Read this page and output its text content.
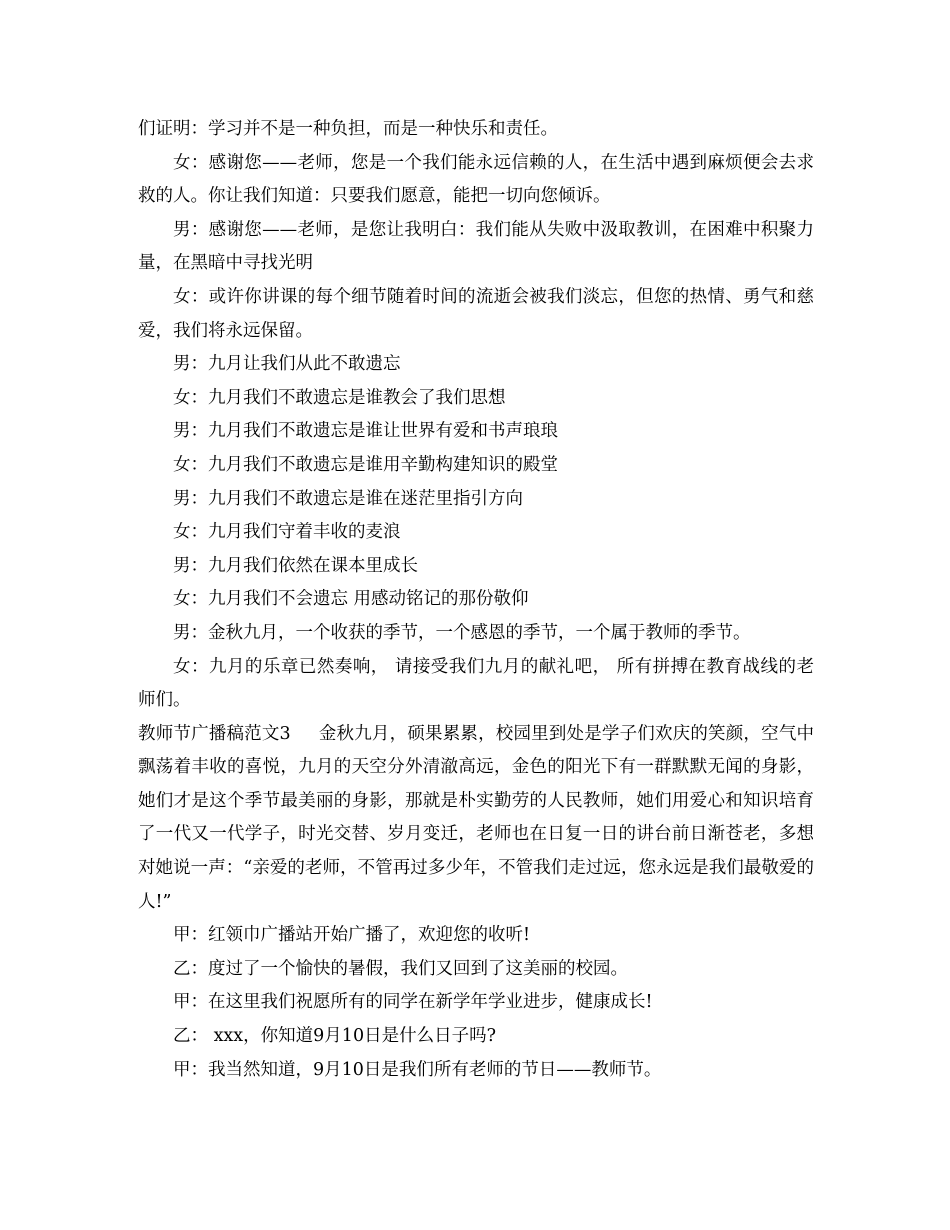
们证明：学习并不是一种负担，而是一种快乐和责任。

女：感谢您——老师，您是一个我们能永远信赖的人，在生活中遇到麻烦便会去求救的人。你让我们知道：只要我们愿意，能把一切向您倾诉。

男：感谢您——老师，是您让我明白：我们能从失败中汲取教训，在困难中积聚力量，在黑暗中寻找光明

女：或许你讲课的每个细节随着时间的流逝会被我们淡忘，但您的热情、勇气和慈爱，我们将永远保留。

男：九月让我们从此不敢遗忘

女：九月我们不敢遗忘是谁教会了我们思想

男：九月我们不敢遗忘是谁让世界有爱和书声琅琅

女：九月我们不敢遗忘是谁用辛勤构建知识的殿堂

男：九月我们不敢遗忘是谁在迷茫里指引方向

女：九月我们守着丰收的麦浪

男：九月我们依然在课本里成长

女：九月我们不会遗忘 用感动铭记的那份敬仰

男：金秋九月，一个收获的季节，一个感恩的季节，一个属于教师的季节。

女：九月的乐章已然奏响， 请接受我们九月的献礼吧， 所有拼搏在教育战线的老师们。

教师节广播稿范文3 金秋九月，硕果累累，校园里到处是学子们欢庆的笑颜，空气中飘荡着丰收的喜悦，九月的天空分外清澈高远，金色的阳光下有一群默默无闻的身影，她们才是这个季节最美丽的身影，那就是朴实勤劳的人民教师，她们用爱心和知识培育了一代又一代学子，时光交替、岁月变迁，老师也在日复一日的讲台前日渐苍老，多想对她说一声：“亲爱的老师，不管再过多少年，不管我们走过远，您永远是我们最敬爱的人!”

甲：红领巾广播站开始广播了，欢迎您的收听!

乙：度过了一个愉快的暑假，我们又回到了这美丽的校园。

甲：在这里我们祝愿所有的同学在新学年学业进步，健康成长!

乙： xxx，你知道9月10日是什么日子吗?

甲：我当然知道，9月10日是我们所有老师的节日——教师节。
